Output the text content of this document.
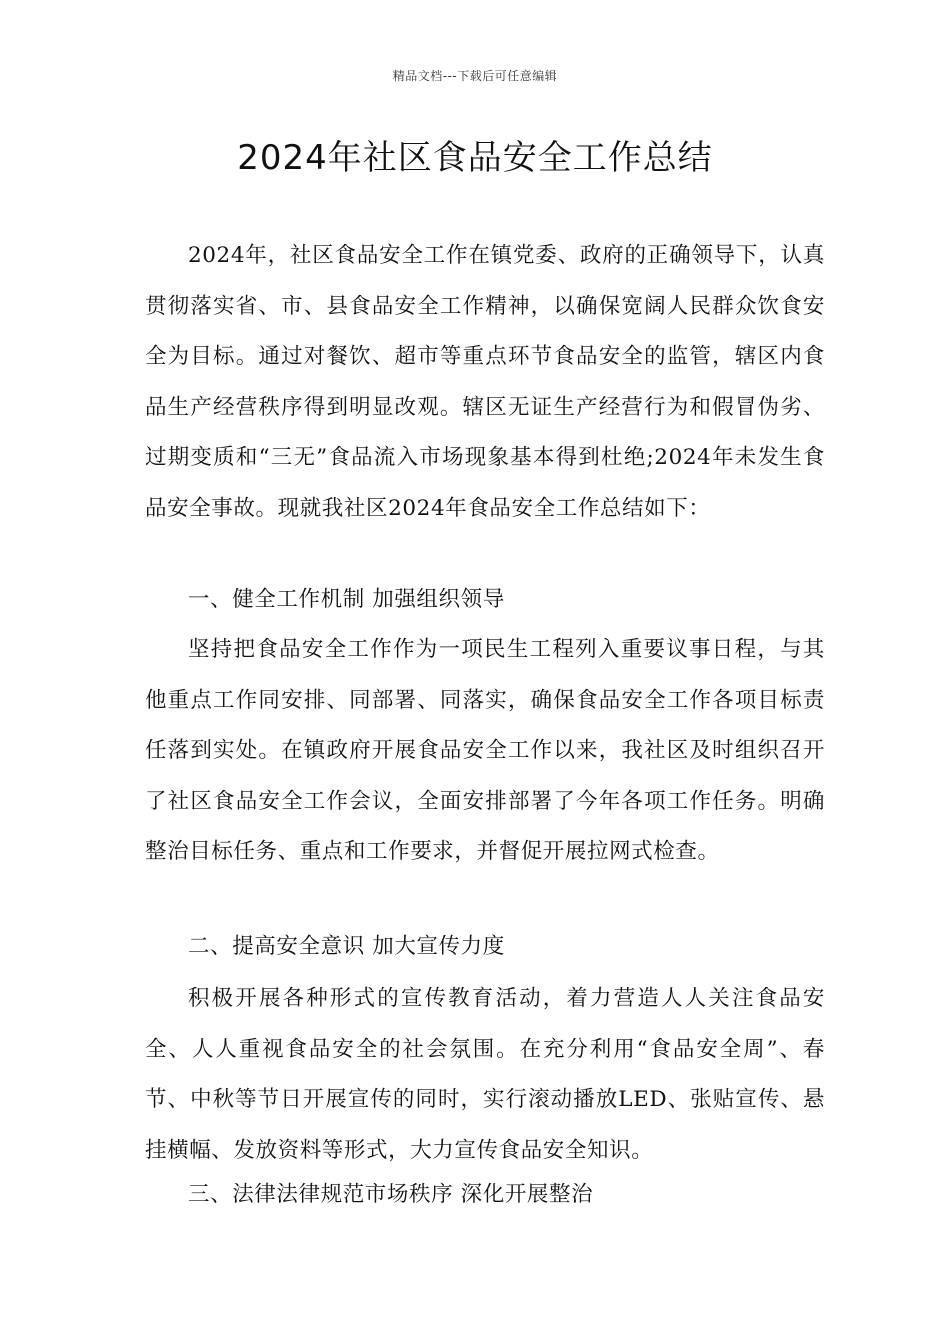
精品文档---下载后可任意编辑
2024年社区食品安全工作总结

2024年，社区食品安全工作在镇党委、政府的正确领导下，认真贯彻落实省、市、县食品安全工作精神，以确保宽阔人民群众饮食安全为目标。通过对餐饮、超市等重点环节食品安全的监管，辖区内食品生产经营秩序得到明显改观。辖区无证生产经营行为和假冒伪劣、过期变质和“三无”食品流入市场现象基本得到杜绝;2024年未发生食品安全事故。现就我社区2024年食品安全工作总结如下：

一、健全工作机制 加强组织领导

坚持把食品安全工作作为一项民生工程列入重要议事日程，与其他重点工作同安排、同部署、同落实，确保食品安全工作各项目标责任落到实处。在镇政府开展食品安全工作以来，我社区及时组织召开了社区食品安全工作会议，全面安排部署了今年各项工作任务。明确整治目标任务、重点和工作要求，并督促开展拉网式检查。

二、提高安全意识 加大宣传力度

积极开展各种形式的宣传教育活动，着力营造人人关注食品安全、人人重视食品安全的社会氛围。在充分利用“食品安全周”、春节、中秋等节日开展宣传的同时，实行滚动播放LED、张贴宣传、悬挂横幅、发放资料等形式，大力宣传食品安全知识。

三、法律法律规范市场秩序 深化开展整治
